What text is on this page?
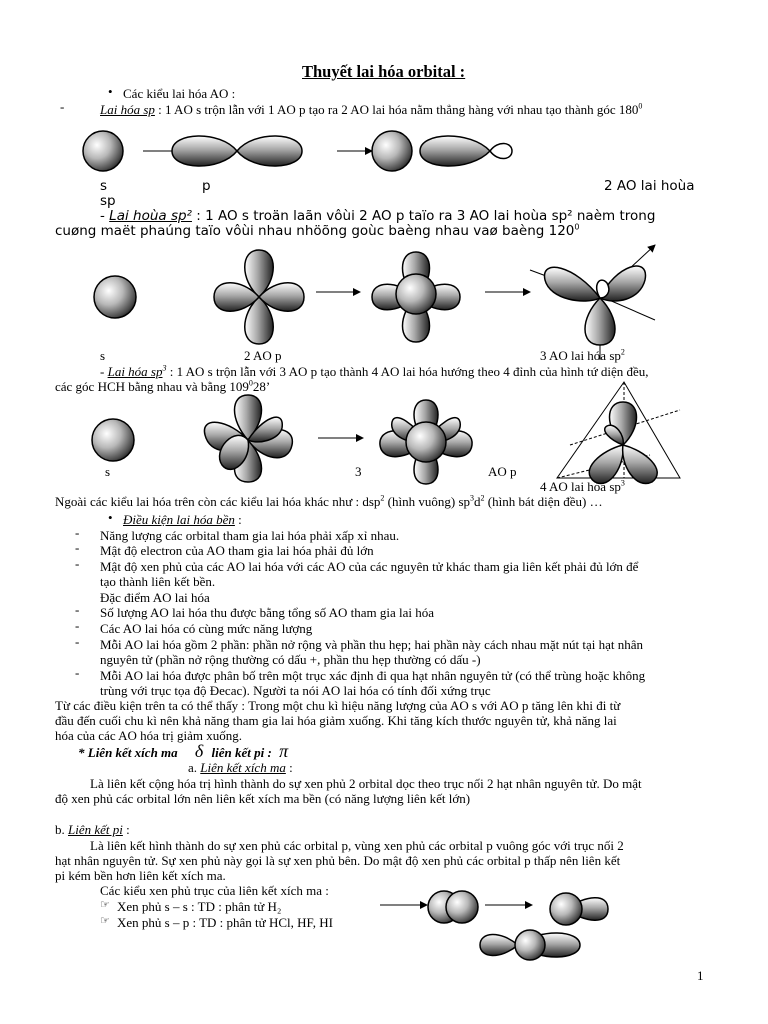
Thuyết lai hóa orbital :
• Các kiểu lai hóa AO :
-	Lai hóa sp : 1 AO s trộn lẫn với 1 AO p tạo ra 2 AO lai hóa nằm thẳng hàng với nhau tạo thành góc $180^0$
s	p	2 AO lai hoùa
sp
- Lai hoùa sp² : 1 AO s troän laãn vôùi 2 AO p taïo ra 3 AO lai hoùa sp² naèm trong
cuøng maët phaúng taïo vôùi nhau nhöõng goùc baèng nhau vaø baèng $120^0$
s	2 AO p	3 AO lai hóa $sp^2$
- Lai hóa $sp^3$ : 1 AO s trộn lẫn với 3 AO p tạo thành 4 AO lai hóa hướng theo 4 đỉnh của hình tứ diện đều,
các góc HCH bằng nhau và bằng $109^028$’
s	3	AO p
4 AO lai hóa $sp^3$
Ngoài các kiểu lai hóa trên còn các kiểu lai hóa khác như : dsp$^2$ (hình vuông) $sp^3d^2$ (hình bát diện đều) …
• Điều kiện lai hóa bền :
- Năng lượng các orbital tham gia lai hóa phải xấp xỉ nhau.
- Mật độ electron của AO tham gia lai hóa phải đủ lớn
- Mật độ xen phủ của các AO lai hóa với các AO của các nguyên tử khác tham gia liên kết phải đủ lớn để
tạo thành liên kết bền.
Đặc điểm AO lai hóa
- Số lượng AO lai hóa thu được bằng tổng số AO tham gia lai hóa
- Các AO lai hóa có cùng mức năng lượng
- Mỗi AO lai hóa gồm 2 phần: phần nở rộng và phần thu hẹp; hai phần này cách nhau mặt nút tại hạt nhân
nguyên tử (phần nở rộng thường có dấu +, phần thu hẹp thường có dấu -)
- Mỗi AO lai hóa được phân bố trên một trục xác định đi qua hạt nhân nguyên tử (có thể trùng hoặc không
trùng với trục tọa độ Đecac). Người ta nói AO lai hóa có tính đối xứng trục
Từ các điều kiện trên ta có thể thấy : Trong một chu kì hiệu năng lượng của AO s với AO p tăng lên khi đi từ
đầu đến cuối chu kì nên khả năng tham gia lai hóa giảm xuống. Khi tăng kích thước nguyên tử, khả năng lai
hóa của các AO hóa trị giảm xuống.
* Liên kết xích ma δ liên kết pi : π
a. Liên kết xích ma :
Là liên kết cộng hóa trị hình thành do sự xen phủ 2 orbital dọc theo trục nối 2 hạt nhân nguyên tử. Do mật
độ xen phủ các orbital lớn nên liên kết xích ma bền (có năng lượng liên kết lớn)
b. Liên kết pi :
Là liên kết hình thành do sự xen phủ các orbital p, vùng xen phủ các orbital p vuông góc với trục nối 2
hạt nhân nguyên tử. Sự xen phủ này gọi là sự xen phủ bên. Do mật độ xen phủ các orbital p thấp nên liên kết
pi kém bền hơn liên kết xích ma.
Các kiểu xen phủ trục của liên kết xích ma :
☞ Xen phủ s – s : TD : phân tử H₂
☞ Xen phủ s – p : TD : phân tử HCl, HF, HI
1
